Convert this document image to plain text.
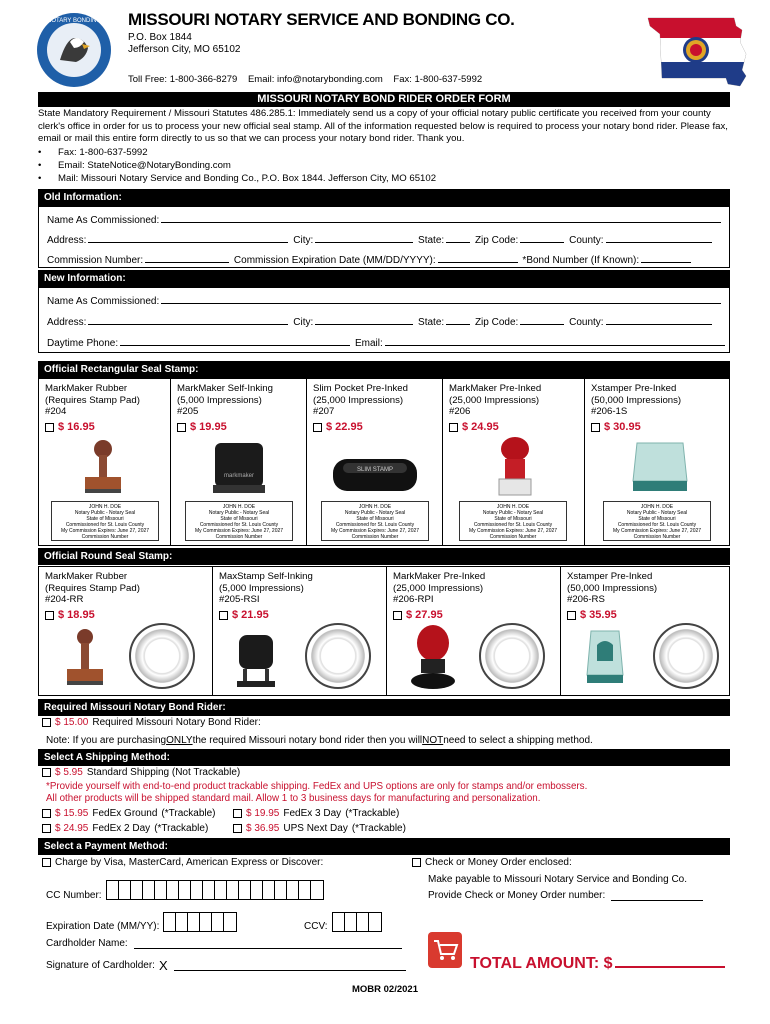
NOTARY BONDING MISSOURI NOTARY SERVICE AND BONDING CO.
P.O. Box 1844
Jefferson City, MO 65102
Toll Free: 1-800-366-8279 Email: info@notarybonding.com Fax: 1-800-637-5992
MISSOURI NOTARY BOND RIDER ORDER FORM
State Mandatory Requirement / Missouri Statutes 486.285.1: Immediately send us a copy of your official notary public certificate you received from your county clerk's office in order for us to process your new official seal stamp. All of the information requested below is required to process your notary bond rider. Please fax, email or mail this entire form directly to us so that we can process your notary bond rider. Thank you.
• Fax: 1-800-637-5992
• Email: StateNotice@NotaryBonding.com
• Mail: Missouri Notary Service and Bonding Co., P.O. Box 1844. Jefferson City, MO 65102
Old Information:
Name As Commissioned:
Address:	City:	State:	Zip Code:	County:
Commission Number:	Commission Expiration Date (MM/DD/YYYY):	*Bond Number (If Known):
New Information:
Name As Commissioned:
Address:	City:	State:	Zip Code:	County:
Daytime Phone:	Email:
Official Rectangular Seal Stamp:
MarkMaker Rubber
(Requires Stamp Pad)
#204
$ 16.95
JOHN H. DOE
Notary Public - Notary Seal
State of Missouri
Commissioned for St. Louis County
My Commission Expires: June 27, 2027
Commission Number
MarkMaker Self-Inking
(5,000 Impressions)
#205
$ 19.95
markmaker
JOHN H. DOE
Notary Public - Notary Seal
State of Missouri
Commissioned for St. Louis County
My Commission Expires: June 27, 2027
Commission Number
Slim Pocket Pre-Inked
(25,000 Impressions)
#207
$ 22.95
SLIM STAMP
JOHN H. DOE
Notary Public - Notary Seal
State of Missouri
Commissioned for St. Louis County
My Commission Expires: June 27, 2027
Commission Number
MarkMaker Pre-Inked
(25,000 Impressions)
#206
$ 24.95
JOHN H. DOE
Notary Public - Notary Seal
State of Missouri
Commissioned for St. Louis County
My Commission Expires: June 27, 2027
Commission Number
Xstamper Pre-Inked
(50,000 Impressions)
#206-1S
$ 30.95
JOHN H. DOE
Notary Public - Notary Seal
State of Missouri
Commissioned for St. Louis County
My Commission Expires: June 27, 2027
Commission Number
Official Round Seal Stamp:
MarkMaker Rubber
(Requires Stamp Pad)
#204-RR
$ 18.95
MaxStamp Self-Inking
(5,000 Impressions)
#205-RSI
$ 21.95
MarkMaker Pre-Inked
(25,000 Impressions)
#206-RPI
$ 27.95
Xstamper Pre-Inked
(50,000 Impressions)
#206-RS
$ 35.95
Required Missouri Notary Bond Rider:
$ 15.00 Required Missouri Notary Bond Rider:
Note: If you are purchasing ONLY the required Missouri notary bond rider then you will NOT need to select a shipping method.
Select A Shipping Method:
$ 5.95 Standard Shipping (Not Trackable)
*Provide yourself with end-to-end product trackable shipping. FedEx and UPS options are only for stamps and/or embossers.
All other products will be shipped standard mail. Allow 1 to 3 business days for manufacturing and personalization.
$ 15.95 FedEx Ground (*Trackable)	$ 19.95 FedEx 3 Day (*Trackable)
$ 24.95 FedEx 2 Day (*Trackable)	$ 36.95 UPS Next Day (*Trackable)
Select a Payment Method:
Charge by Visa, MasterCard, American Express or Discover:	Check or Money Order enclosed:
Make payable to Missouri Notary Service and Bonding Co.
Provide Check or Money Order number:
CC Number:
Expiration Date (MM/YY):	CCV:
Cardholder Name:
Signature of Cardholder: X	TOTAL AMOUNT: $
MOBR 02/2021
